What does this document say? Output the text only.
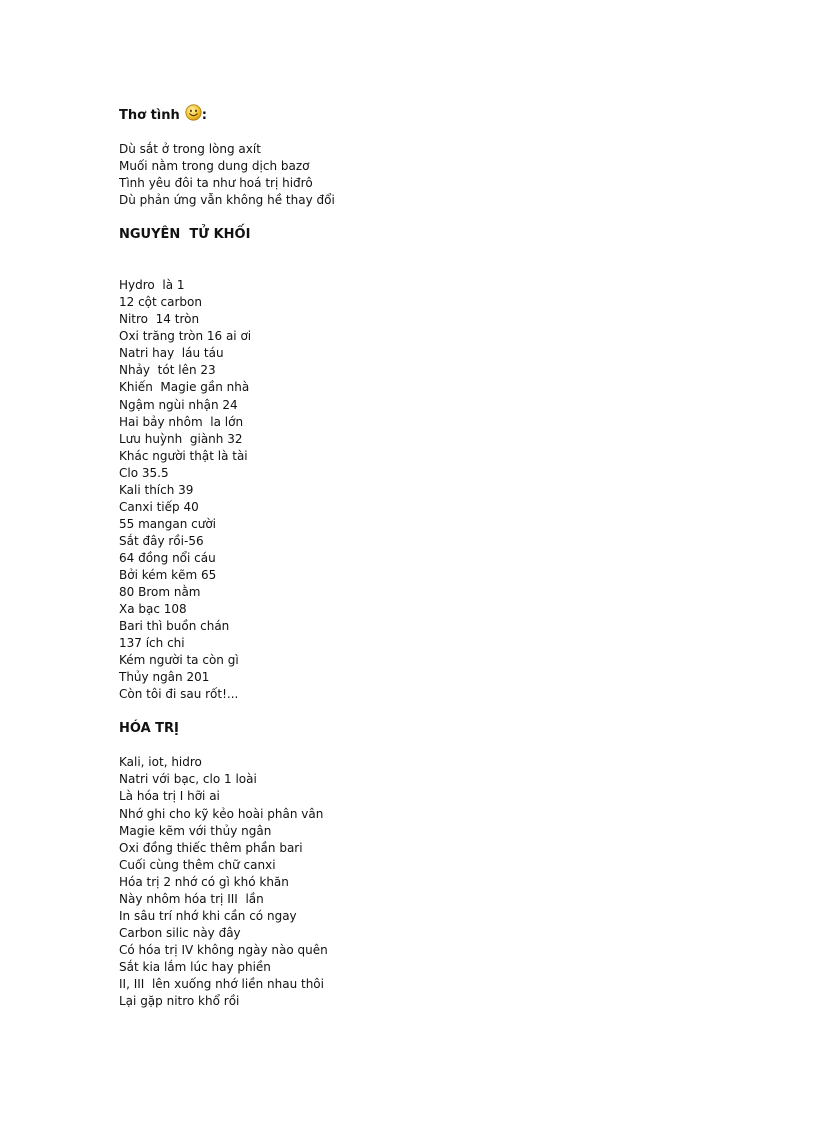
Thơ tình :
Dù sắt ở trong lòng axít
Muối nằm trong dung dịch bazơ
Tình yêu đôi ta như hoá trị hiđrô
Dù phản ứng vẫn không hề thay đổi

NGUYÊN  TỬ KHỐI

Hydro  là 1
12 cột carbon
Nitro  14 tròn
Oxi trăng tròn 16 ai ơi
Natri hay  láu táu
Nhảy  tót lên 23
Khiến  Magie gần nhà
Ngậm ngùi nhận 24
Hai bảy nhôm  la lớn
Lưu huỳnh  giành 32
Khác người thật là tài
Clo 35.5
Kali thích 39
Canxi tiếp 40
55 mangan cười
Sắt đây rồi-56
64 đồng nổi cáu
Bởi kém kẽm 65
80 Brom nằm
Xa bạc 108
Bari thì buồn chán
137 ích chi
Kém người ta còn gì
Thủy ngân 201
Còn tôi đi sau rốt!...

HÓA TRỊ

Kali, iot, hidro
Natri với bạc, clo 1 loài
Là hóa trị I hỡi ai
Nhớ ghi cho kỹ kẻo hoài phân vân
Magie kẽm với thủy ngân
Oxi đồng thiếc thêm phần bari
Cuối cùng thêm chữ canxi
Hóa trị 2 nhớ có gì khó khăn
Này nhôm hóa trị III  lần
In sâu trí nhớ khi cần có ngay
Carbon silic này đây
Có hóa trị IV không ngày nào quên
Sắt kia lắm lúc hay phiền
II, III  lên xuống nhớ liền nhau thôi
Lại gặp nitro khổ rồi
